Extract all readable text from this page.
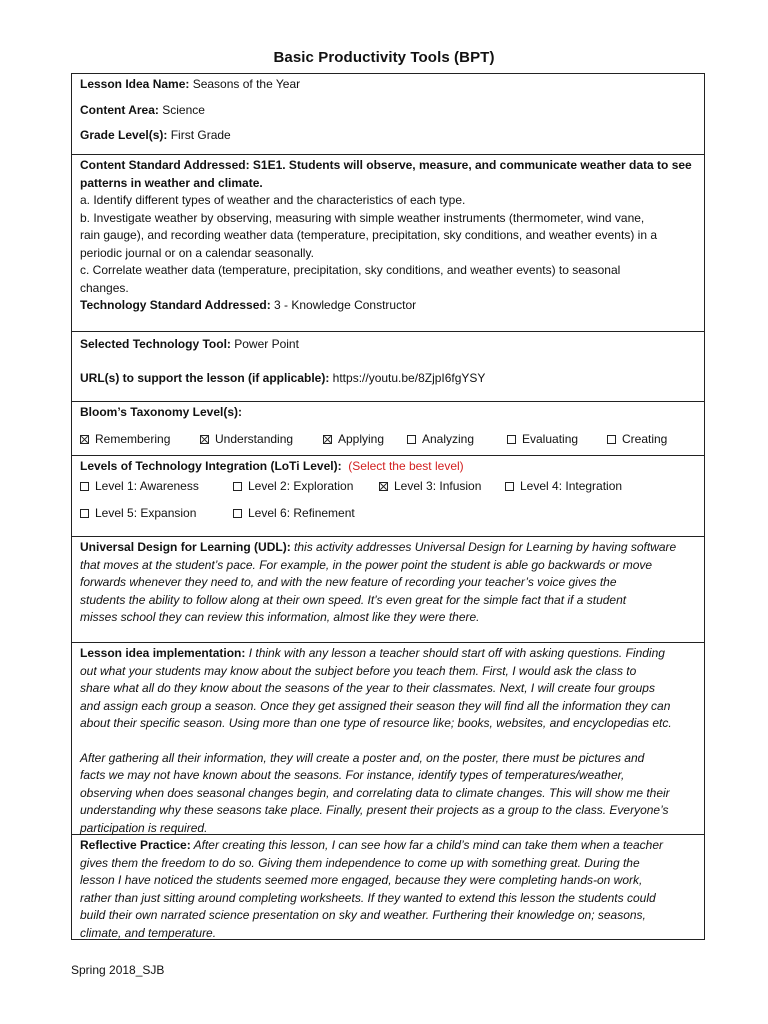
Basic Productivity Tools (BPT)
Lesson Idea Name: Seasons of the Year
Content Area: Science
Grade Level(s): First Grade
Content Standard Addressed: S1E1. Students will observe, measure, and communicate weather data to see
patterns in weather and climate.
a. Identify different types of weather and the characteristics of each type.
b. Investigate weather by observing, measuring with simple weather instruments (thermometer, wind vane,
rain gauge), and recording weather data (temperature, precipitation, sky conditions, and weather events) in a
periodic journal or on a calendar seasonally.
c. Correlate weather data (temperature, precipitation, sky conditions, and weather events) to seasonal
changes.
Technology Standard Addressed: 3 - Knowledge Constructor
Selected Technology Tool: Power Point
URL(s) to support the lesson (if applicable): https://youtu.be/8ZjpI6fgYSY
Bloom’s Taxonomy Level(s):
Remembering	Understanding	Applying	Analyzing	Evaluating	Creating
Levels of Technology Integration (LoTi Level): (Select the best level)
Level 1: Awareness	Level 2: Exploration	Level 3: Infusion	Level 4: Integration
Level 5: Expansion	Level 6: Refinement
Universal Design for Learning (UDL): this activity addresses Universal Design for Learning by having software
that moves at the student’s pace. For example, in the power point the student is able go backwards or move
forwards whenever they need to, and with the new feature of recording your teacher’s voice gives the
students the ability to follow along at their own speed. It’s even great for the simple fact that if a student
misses school they can review this information, almost like they were there.
Lesson idea implementation: I think with any lesson a teacher should start off with asking questions. Finding
out what your students may know about the subject before you teach them. First, I would ask the class to
share what all do they know about the seasons of the year to their classmates. Next, I will create four groups
and assign each group a season. Once they get assigned their season they will find all the information they can
about their specific season. Using more than one type of resource like; books, websites, and encyclopedias etc.
After gathering all their information, they will create a poster and, on the poster, there must be pictures and
facts we may not have known about the seasons. For instance, identify types of temperatures/weather,
observing when does seasonal changes begin, and correlating data to climate changes. This will show me their
understanding why these seasons take place. Finally, present their projects as a group to the class. Everyone’s
participation is required.
Reflective Practice: After creating this lesson, I can see how far a child’s mind can take them when a teacher
gives them the freedom to do so. Giving them independence to come up with something great. During the
lesson I have noticed the students seemed more engaged, because they were completing hands-on work,
rather than just sitting around completing worksheets. If they wanted to extend this lesson the students could
build their own narrated science presentation on sky and weather. Furthering their knowledge on; seasons,
climate, and temperature.
Spring 2018_SJB
